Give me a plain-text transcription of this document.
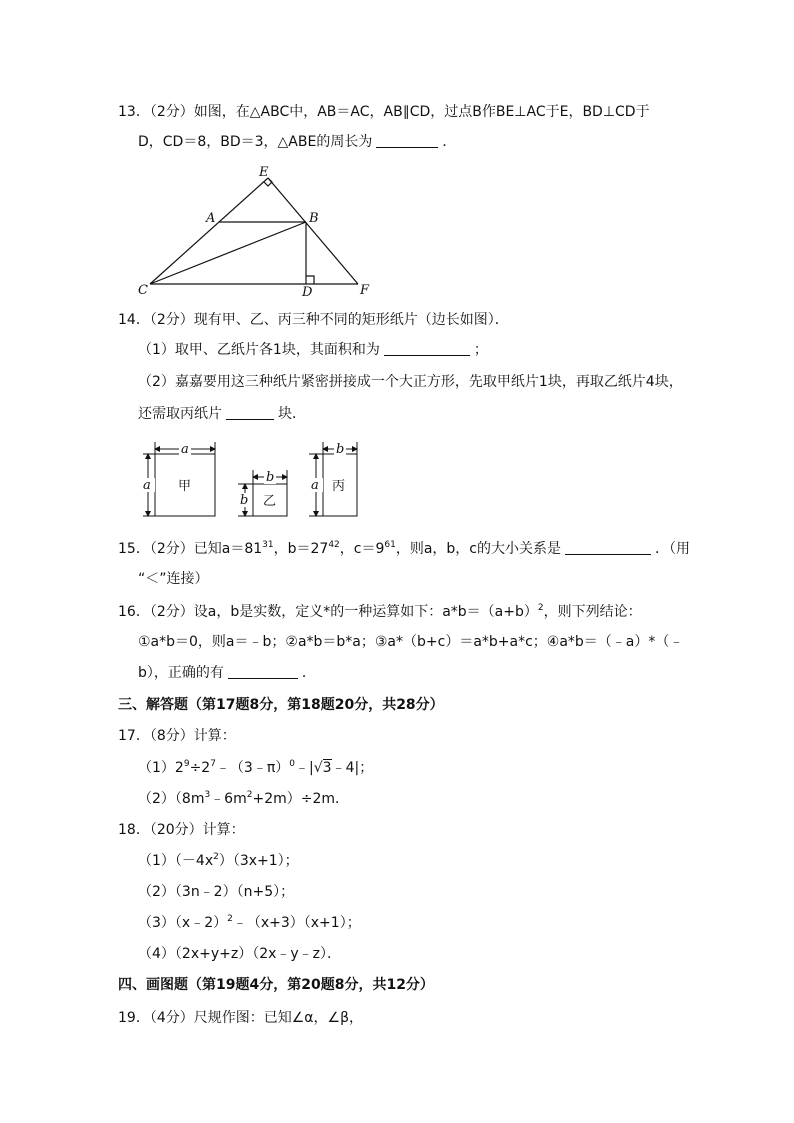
13．（2分）如图，在△ABC中，AB＝AC，AB∥CD，过点B作BE⊥AC于E，BD⊥CD于
D，CD＝8，BD＝3，△ABE的周长为	．
E
A	B
C	D	F
14．（2分）现有甲、乙、丙三种不同的矩形纸片（边长如图）．
（1）取甲、乙纸片各1块，其面积和为	；
（2）嘉嘉要用这三种纸片紧密拼接成一个大正方形，先取甲纸片1块，再取乙纸片4块，
还需取丙纸片	块．
a
a 甲
b
b 乙
b
a 丙
15．（2分）已知$a=81^{31}$，$b=27^{42}$，$c=9^{61}$，则a，b，c的大小关系是	．（用
“＜”连接）
16．（2分）设a，b是实数，定义*的一种运算如下：$a*b=(a+b)^2$，则下列结论：
①a*b＝0，则a＝﹣b；②a*b＝b*a；③a*（b+c）＝a*b+a*c；④a*b＝（﹣a）*（﹣
b），正确的有	．
三、解答题（第17题8分，第18题20分，共28分）
17．（8分）计算：
$(1)2^9\div 2^7﹣(3﹣\pi)^0﹣|√3﹣4|$；
$(2)(8m^3﹣6m^2+2m)\div 2m$．
18．（20分）计算：
$(1)(-4x^2)(3x+1)$；
（2）（3n﹣2）（n+5）；
（3）（x﹣2）$^2$﹣（x+3）（x+1）；
（4）（2x+y+z）（2x﹣y﹣z）．
四、画图题（第19题4分，第20题8分，共12分）
19．（4分）尺规作图：已知∠α，∠β，
